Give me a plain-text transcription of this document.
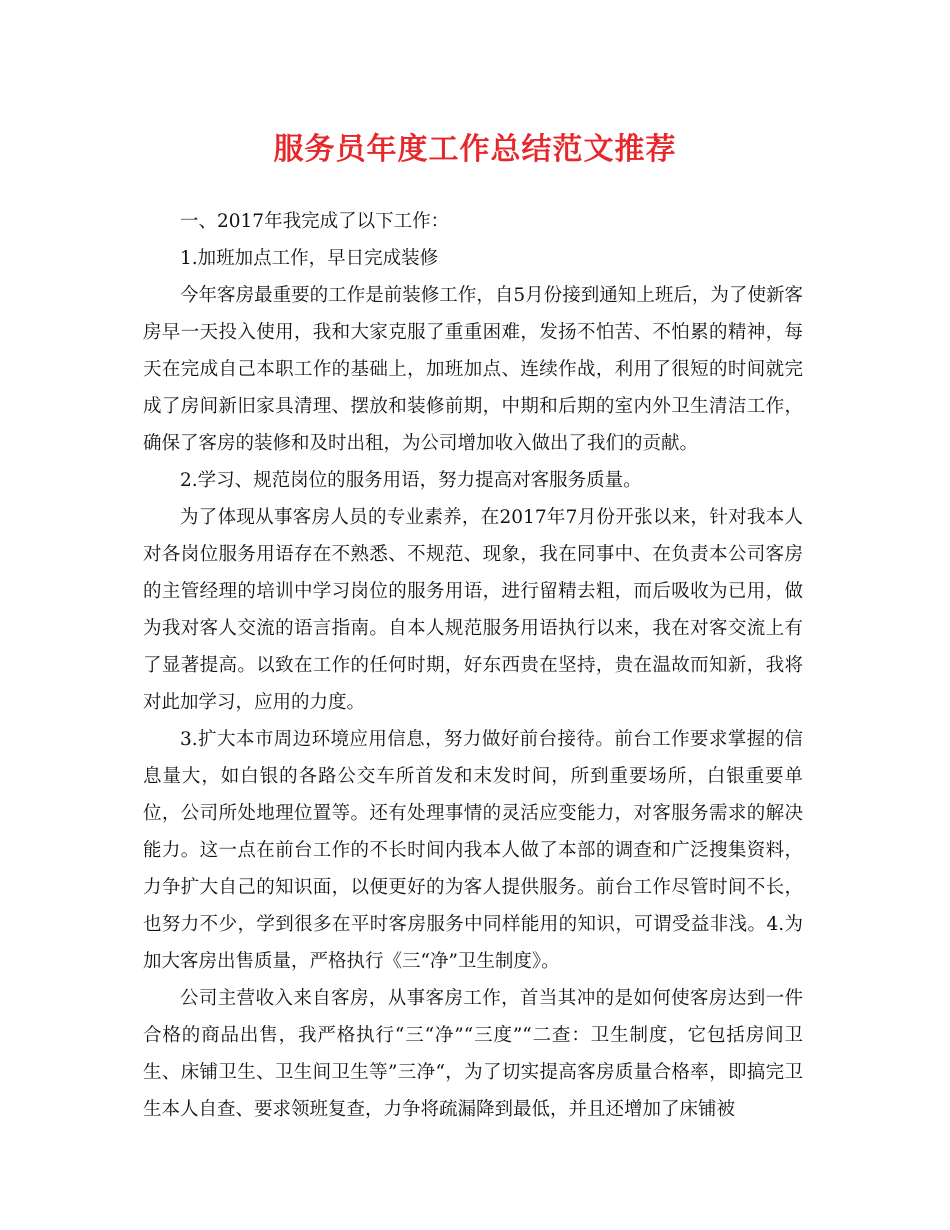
服务员年度工作总结范文推荐

一、2017年我完成了以下工作：

1.加班加点工作，早日完成装修

今年客房最重要的工作是前装修工作，自5月份接到通知上班后，为了使新客房早一天投入使用，我和大家克服了重重困难，发扬不怕苦、不怕累的精神，每天在完成自己本职工作的基础上，加班加点、连续作战，利用了很短的时间就完成了房间新旧家具清理、摆放和装修前期，中期和后期的室内外卫生清洁工作，确保了客房的装修和及时出租，为公司增加收入做出了我们的贡献。

2.学习、规范岗位的服务用语，努力提高对客服务质量。

为了体现从事客房人员的专业素养，在2017年7月份开张以来，针对我本人对各岗位服务用语存在不熟悉、不规范、现象，我在同事中、在负责本公司客房的主管经理的培训中学习岗位的服务用语，进行留精去粗，而后吸收为已用，做为我对客人交流的语言指南。自本人规范服务用语执行以来，我在对客交流上有了显著提高。以致在工作的任何时期，好东西贵在坚持，贵在温故而知新，我将对此加学习，应用的力度。

3.扩大本市周边环境应用信息，努力做好前台接待。前台工作要求掌握的信息量大，如白银的各路公交车所首发和末发时间，所到重要场所，白银重要单位，公司所处地理位置等。还有处理事情的灵活应变能力，对客服务需求的解决能力。这一点在前台工作的不长时间内我本人做了本部的调查和广泛搜集资料，力争扩大自己的知识面，以便更好的为客人提供服务。前台工作尽管时间不长，也努力不少，学到很多在平时客房服务中同样能用的知识，可谓受益非浅。4.为加大客房出售质量，严格执行《三“净”卫生制度》。

公司主营收入来自客房，从事客房工作，首当其冲的是如何使客房达到一件合格的商品出售，我严格执行“三“净”“三度”“二查：卫生制度，它包括房间卫生、床铺卫生、卫生间卫生等”三净“，为了切实提高客房质量合格率，即搞完卫生本人自查、要求领班复查，力争将疏漏降到最低，并且还增加了床铺被
